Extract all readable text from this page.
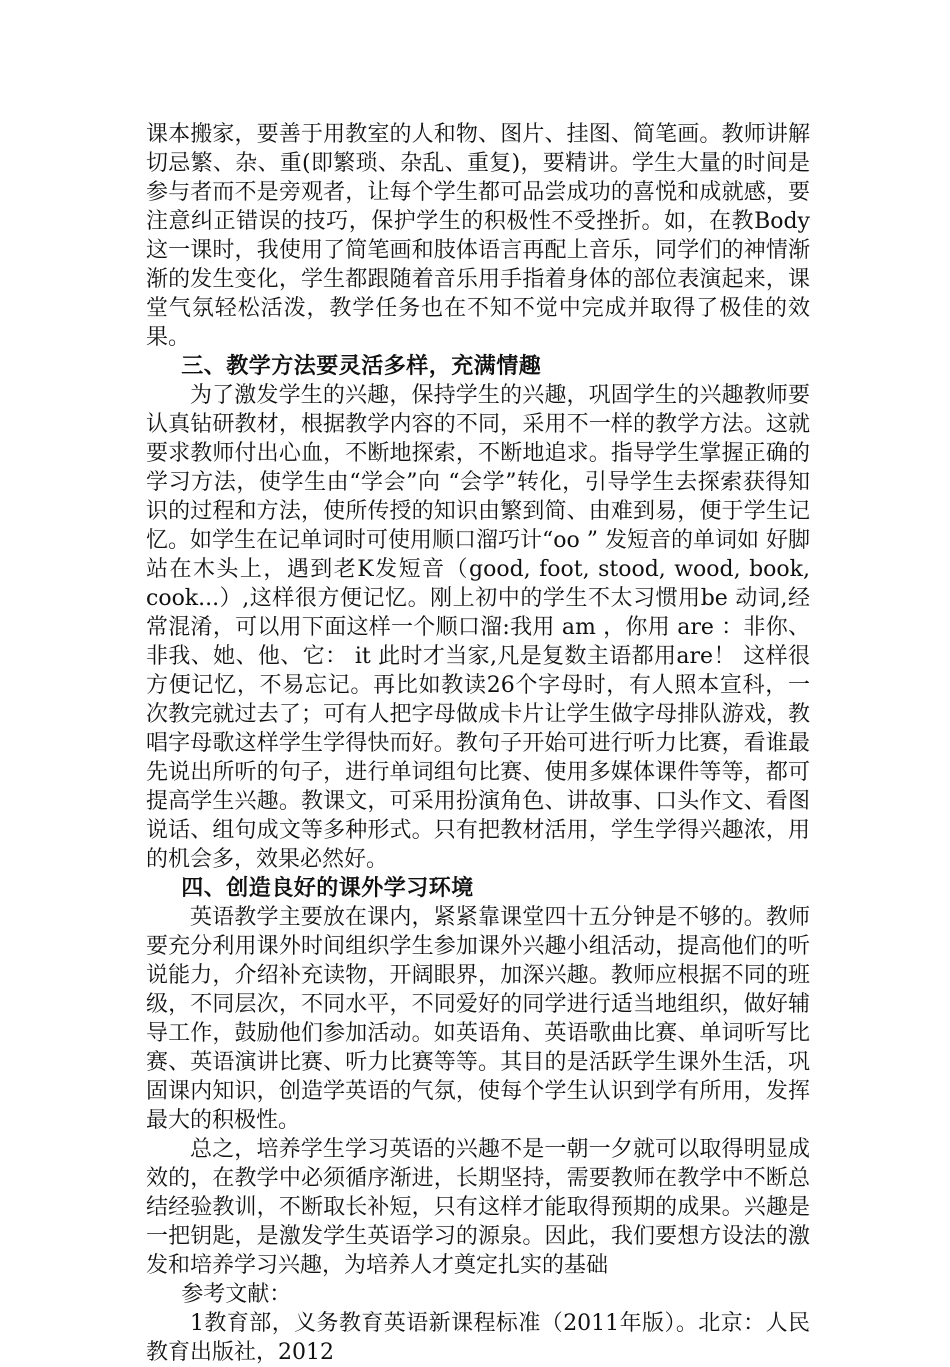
课本搬家，要善于用教室的人和物、图片、挂图、简笔画。教师讲解切忌繁、杂、重(即繁琐、杂乱、重复)，要精讲。学生大量的时间是参与者而不是旁观者，让每个学生都可品尝成功的喜悦和成就感，要注意纠正错误的技巧，保护学生的积极性不受挫折。如，在教Body这一课时，我使用了简笔画和肢体语言再配上音乐，同学们的神情渐渐的发生变化，学生都跟随着音乐用手指着身体的部位表演起来，课堂气氛轻松活泼，教学任务也在不知不觉中完成并取得了极佳的效果。

三、教学方法要灵活多样，充满情趣

为了激发学生的兴趣，保持学生的兴趣，巩固学生的兴趣教师要认真钻研教材，根据教学内容的不同，采用不一样的教学方法。这就要求教师付出心血，不断地探索，不断地追求。指导学生掌握正确的学习方法，使学生由“学会”向 “会学”转化，引导学生去探索获得知识的过程和方法，使所传授的知识由繁到简、由难到易，便于学生记忆。如学生在记单词时可使用顺口溜巧计“oo ” 发短音的单词如 好脚站在木头上，遇到老K发短音（good, foot, stood, wood, book, cook...）,这样很方便记忆。刚上初中的学生不太习惯用be 动词,经常混淆，可以用下面这样一个顺口溜:我用 am ，你用 are ：非你、非我、她、他、它： it 此时才当家,凡是复数主语都用are！ 这样很方便记忆，不易忘记。再比如教读26个字母时，有人照本宣科，一次教完就过去了；可有人把字母做成卡片让学生做字母排队游戏，教唱字母歌这样学生学得快而好。教句子开始可进行听力比赛，看谁最先说出所听的句子，进行单词组句比赛、使用多媒体课件等等，都可提高学生兴趣。教课文，可采用扮演角色、讲故事、口头作文、看图说话、组句成文等多种形式。只有把教材活用，学生学得兴趣浓，用的机会多，效果必然好。

四、创造良好的课外学习环境

英语教学主要放在课内，紧紧靠课堂四十五分钟是不够的。教师要充分利用课外时间组织学生参加课外兴趣小组活动，提高他们的听说能力，介绍补充读物，开阔眼界，加深兴趣。教师应根据不同的班级，不同层次，不同水平，不同爱好的同学进行适当地组织，做好辅导工作，鼓励他们参加活动。如英语角、英语歌曲比赛、单词听写比赛、英语演讲比赛、听力比赛等等。其目的是活跃学生课外生活，巩固课内知识，创造学英语的气氛，使每个学生认识到学有所用，发挥最大的积极性。

总之，培养学生学习英语的兴趣不是一朝一夕就可以取得明显成效的，在教学中必须循序渐进，长期坚持，需要教师在教学中不断总结经验教训，不断取长补短，只有这样才能取得预期的成果。兴趣是一把钥匙，是激发学生英语学习的源泉。因此，我们要想方设法的激发和培养学习兴趣，为培养人才奠定扎实的基础

参考文献：

1教育部，义务教育英语新课程标准（2011年版）。北京：人民教育出版社，2012
